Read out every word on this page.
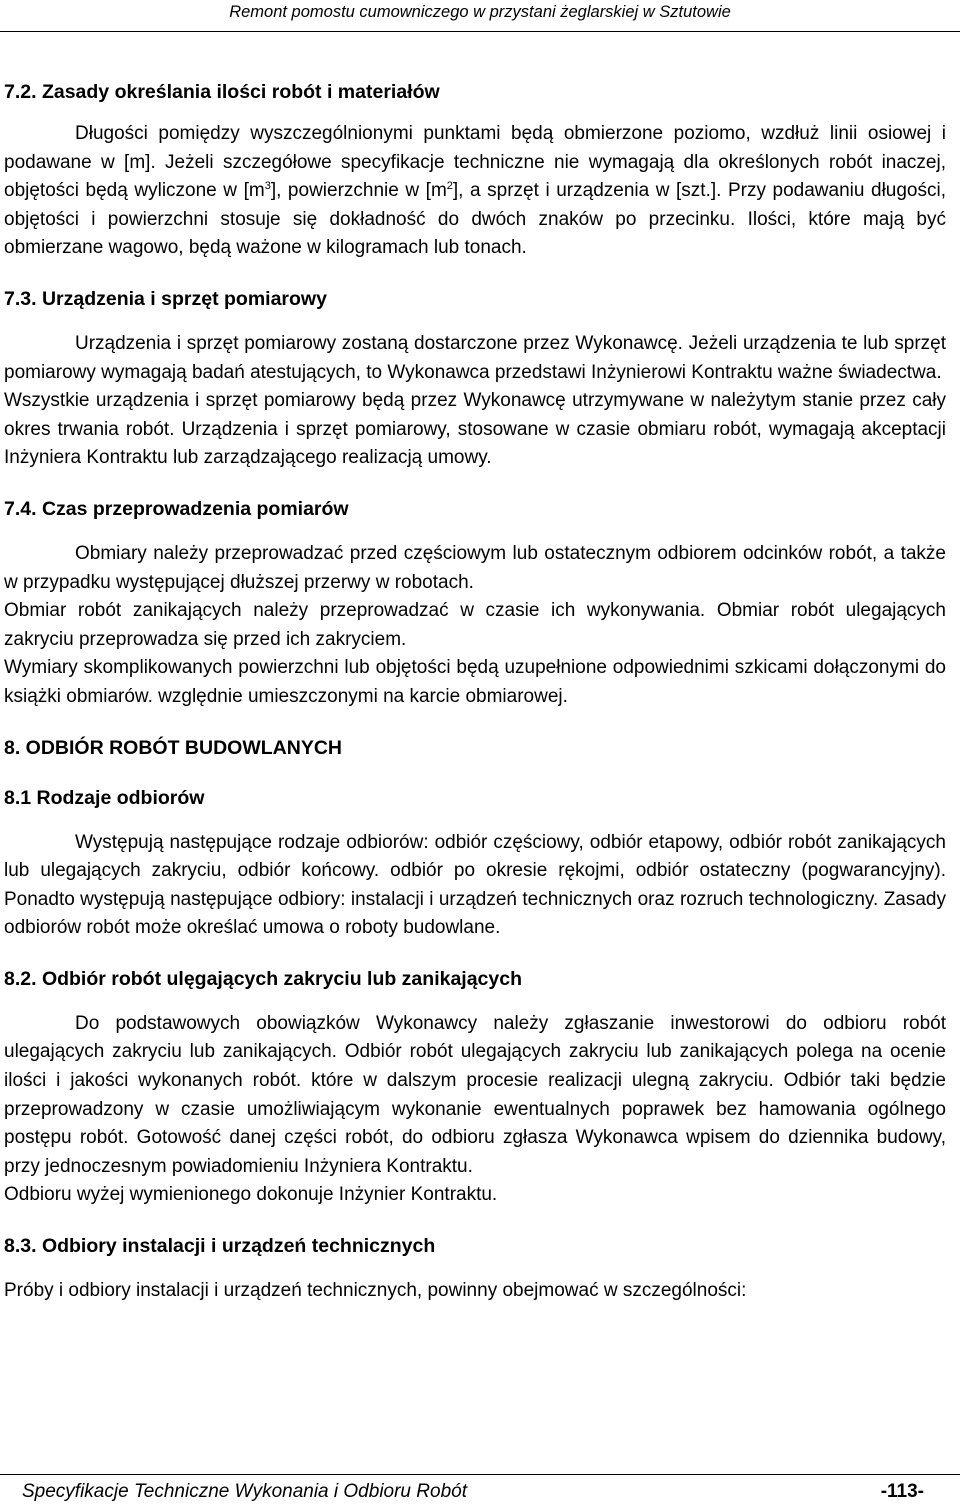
Remont pomostu cumowniczego w przystani żeglarskiej w Sztutowie
7.2. Zasady określania ilości robót i materiałów

Długości pomiędzy wyszczególnionymi punktami będą obmierzone poziomo, wzdłuż linii osiowej i podawane w [m]. Jeżeli szczegółowe specyfikacje techniczne nie wymagają dla określonych robót inaczej, objętości będą wyliczone w $[m^3]$, powierzchnie w $[m^2]$, a sprzęt i urządzenia w [szt.]. Przy podawaniu długości, objętości i powierzchni stosuje się dokładność do dwóch znaków po przecinku. Ilości, które mają być obmierzane wagowo, będą ważone w kilogramach lub tonach.

7.3. Urządzenia i sprzęt pomiarowy

Urządzenia i sprzęt pomiarowy zostaną dostarczone przez Wykonawcę. Jeżeli urządzenia te lub sprzęt pomiarowy wymagają badań atestujących, to Wykonawca przedstawi Inżynierowi Kontraktu ważne świadectwa.

Wszystkie urządzenia i sprzęt pomiarowy będą przez Wykonawcę utrzymywane w należytym stanie przez cały okres trwania robót. Urządzenia i sprzęt pomiarowy, stosowane w czasie obmiaru robót, wymagają akceptacji Inżyniera Kontraktu lub zarządzającego realizacją umowy.

7.4. Czas przeprowadzenia pomiarów

Obmiary należy przeprowadzać przed częściowym lub ostatecznym odbiorem odcinków robót, a także w przypadku występującej dłuższej przerwy w robotach.

Obmiar robót zanikających należy przeprowadzać w czasie ich wykonywania. Obmiar robót ulegających zakryciu przeprowadza się przed ich zakryciem.

Wymiary skomplikowanych powierzchni lub objętości będą uzupełnione odpowiednimi szkicami dołączonymi do książki obmiarów. względnie umieszczonymi na karcie obmiarowej.

8. ODBIÓR ROBÓT BUDOWLANYCH
8.1 Rodzaje odbiorów

Występują następujące rodzaje odbiorów: odbiór częściowy, odbiór etapowy, odbiór robót zanikających lub ulegających zakryciu, odbiór końcowy. odbiór po okresie rękojmi, odbiór ostateczny (pogwarancyjny). Ponadto występują następujące odbiory: instalacji i urządzeń technicznych oraz rozruch technologiczny. Zasady odbiorów robót może określać umowa o roboty budowlane.

8.2. Odbiór robót ulęgających zakryciu lub zanikających

Do podstawowych obowiązków Wykonawcy należy zgłaszanie inwestorowi do odbioru robót ulegających zakryciu lub zanikających. Odbiór robót ulegających zakryciu lub zanikających polega na ocenie ilości i jakości wykonanych robót. które w dalszym procesie realizacji ulegną zakryciu. Odbiór taki będzie przeprowadzony w czasie umożliwiającym wykonanie ewentualnych poprawek bez hamowania ogólnego postępu robót. Gotowość danej części robót, do odbioru zgłasza Wykonawca wpisem do dziennika budowy, przy jednoczesnym powiadomieniu Inżyniera Kontraktu.

Odbioru wyżej wymienionego dokonuje Inżynier Kontraktu.

8.3. Odbiory instalacji i urządzeń technicznych

Próby i odbiory instalacji i urządzeń technicznych, powinny obejmować w szczególności:

Specyfikacje Techniczne Wykonania i Odbioru Robót	-113-
